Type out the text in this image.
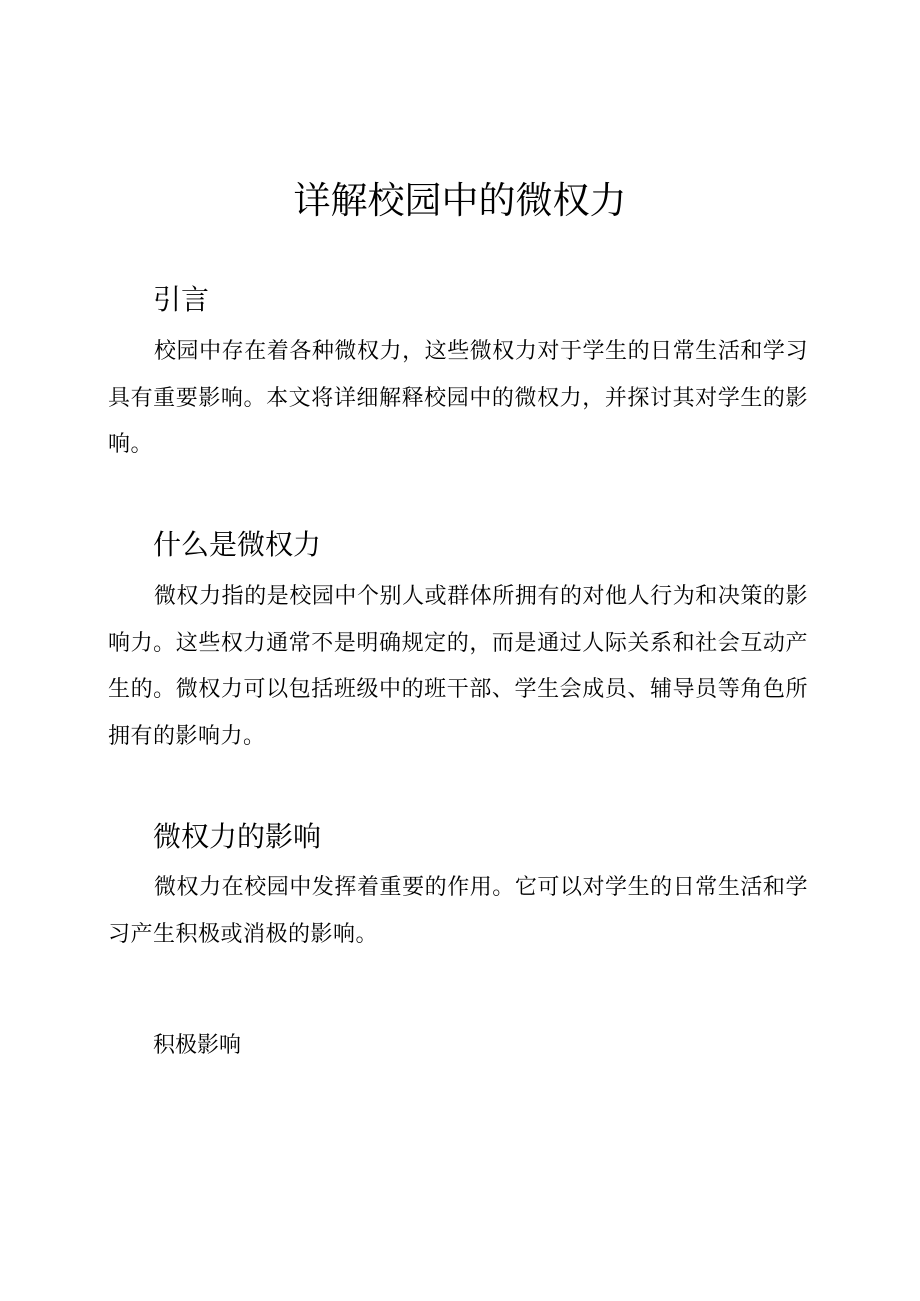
详解校园中的微权力
引言

校园中存在着各种微权力，这些微权力对于学生的日常生活和学习具有重要影响。本文将详细解释校园中的微权力，并探讨其对学生的影响。

什么是微权力

微权力指的是校园中个别人或群体所拥有的对他人行为和决策的影响力。这些权力通常不是明确规定的，而是通过人际关系和社会互动产生的。微权力可以包括班级中的班干部、学生会成员、辅导员等角色所拥有的影响力。

微权力的影响

微权力在校园中发挥着重要的作用。它可以对学生的日常生活和学习产生积极或消极的影响。

积极影响
